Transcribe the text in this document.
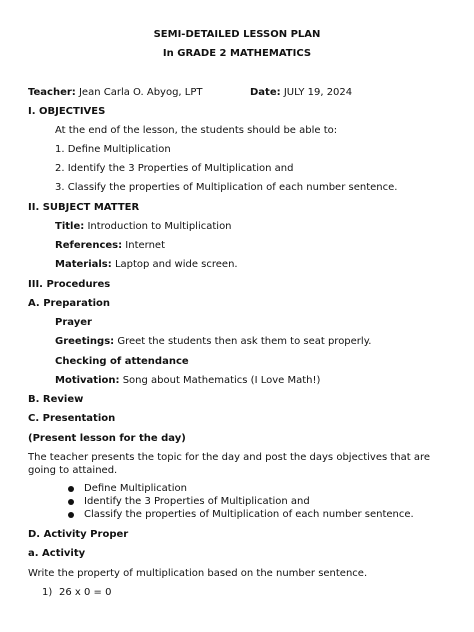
SEMI-DETAILED LESSON PLAN
In GRADE 2 MATHEMATICS
Teacher: Jean Carla O. Abyog, LPT	Date: JULY 19, 2024
I. OBJECTIVES
At the end of the lesson, the students should be able to:
1. Define Multiplication
2. Identify the 3 Properties of Multiplication and
3. Classify the properties of Multiplication of each number sentence.
II. SUBJECT MATTER
Title: Introduction to Multiplication
References: Internet
Materials: Laptop and wide screen.
III. Procedures
A. Preparation
Prayer
Greetings: Greet the students then ask them to seat properly.
Checking of attendance
Motivation: Song about Mathematics (I Love Math!)
B. Review
C. Presentation
(Present lesson for the day)
The teacher presents the topic for the day and post the days objectives that are going to attained.
Define Multiplication
Identify the 3 Properties of Multiplication and
Classify the properties of Multiplication of each number sentence.
D. Activity Proper
a. Activity
Write the property of multiplication based on the number sentence.
1) 26 x 0 = 0
